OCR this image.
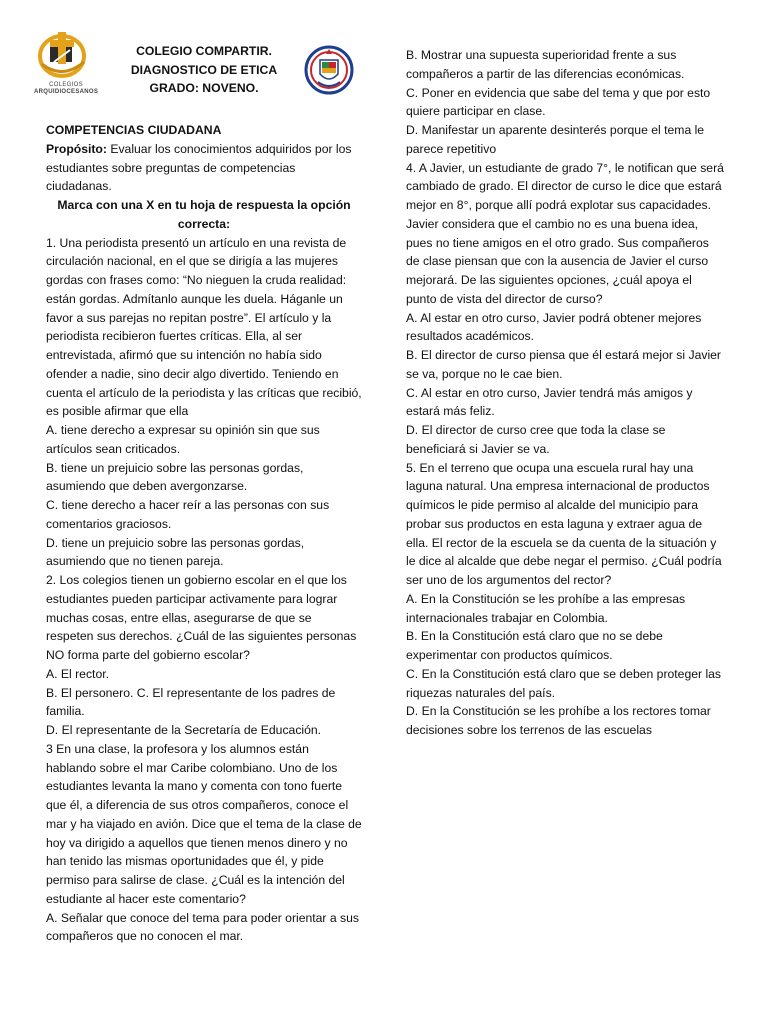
COLEGIOS
ARQUIDIOCESANOS
COLEGIO COMPARTIR.
DIAGNOSTICO DE ETICA
GRADO: NOVENO.

COMPETENCIAS CIUDADANA

Propósito: Evaluar los conocimientos adquiridos por los estudiantes sobre preguntas de competencias ciudadanas.

Marca con una X en tu hoja de respuesta la opción correcta:

1. Una periodista presentó un artículo en una revista de circulación nacional, en el que se dirigía a las mujeres gordas con frases como: “No nieguen la cruda realidad: están gordas. Admítanlo aunque les duela. Háganle un favor a sus parejas no repitan postre”. El artículo y la periodista recibieron fuertes críticas. Ella, al ser entrevistada, afirmó que su intención no había sido ofender a nadie, sino decir algo divertido. Teniendo en cuenta el artículo de la periodista y las críticas que recibió, es posible afirmar que ella

A. tiene derecho a expresar su opinión sin que sus artículos sean criticados.

B. tiene un prejuicio sobre las personas gordas, asumiendo que deben avergonzarse.

C. tiene derecho a hacer reír a las personas con sus comentarios graciosos.

D. tiene un prejuicio sobre las personas gordas, asumiendo que no tienen pareja.

2. Los colegios tienen un gobierno escolar en el que los estudiantes pueden participar activamente para lograr muchas cosas, entre ellas, asegurarse de que se respeten sus derechos. ¿Cuál de las siguientes personas NO forma parte del gobierno escolar?

A. El rector.

B. El personero. C. El representante de los padres de familia.

D. El representante de la Secretaría de Educación.

3 En una clase, la profesora y los alumnos están hablando sobre el mar Caribe colombiano. Uno de los estudiantes levanta la mano y comenta con tono fuerte que él, a diferencia de sus otros compañeros, conoce el mar y ha viajado en avión. Dice que el tema de la clase de hoy va dirigido a aquellos que tienen menos dinero y no han tenido las mismas oportunidades que él, y pide permiso para salirse de clase. ¿Cuál es la intención del estudiante al hacer este comentario?

A. Señalar que conoce del tema para poder orientar a sus compañeros que no conocen el mar.

B. Mostrar una supuesta superioridad frente a sus compañeros a partir de las diferencias económicas.

C. Poner en evidencia que sabe del tema y que por esto quiere participar en clase.

D. Manifestar un aparente desinterés porque el tema le parece repetitivo

4. A Javier, un estudiante de grado 7°, le notifican que será cambiado de grado. El director de curso le dice que estará mejor en 8°, porque allí podrá explotar sus capacidades. Javier considera que el cambio no es una buena idea, pues no tiene amigos en el otro grado. Sus compañeros de clase piensan que con la ausencia de Javier el curso mejorará. De las siguientes opciones, ¿cuál apoya el punto de vista del director de curso?

A. Al estar en otro curso, Javier podrá obtener mejores resultados académicos.

B. El director de curso piensa que él estará mejor si Javier se va, porque no le cae bien.

C. Al estar en otro curso, Javier tendrá más amigos y estará más feliz.

D. El director de curso cree que toda la clase se beneficiará si Javier se va.

5. En el terreno que ocupa una escuela rural hay una laguna natural. Una empresa internacional de productos químicos le pide permiso al alcalde del municipio para probar sus productos en esta laguna y extraer agua de ella. El rector de la escuela se da cuenta de la situación y le dice al alcalde que debe negar el permiso. ¿Cuál podría ser uno de los argumentos del rector?

A. En la Constitución se les prohíbe a las empresas internacionales trabajar en Colombia.

B. En la Constitución está claro que no se debe experimentar con productos químicos.

C. En la Constitución está claro que se deben proteger las riquezas naturales del país.

D. En la Constitución se les prohíbe a los rectores tomar decisiones sobre los terrenos de las escuelas
